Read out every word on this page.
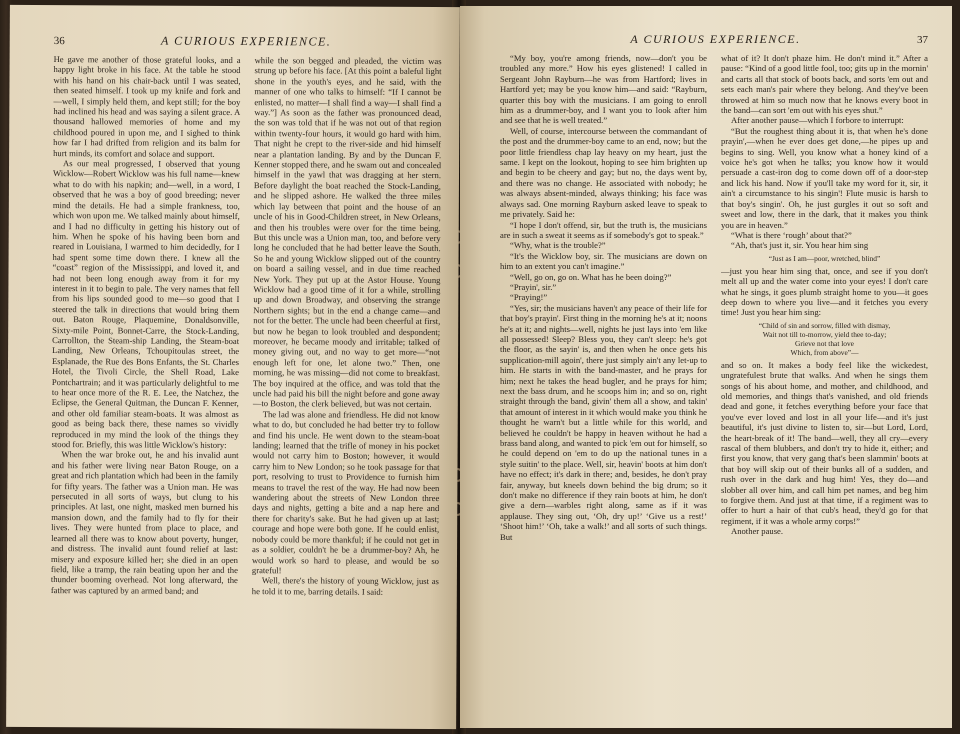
36	A CURIOUS EXPERIENCE.

He gave me another of those grateful looks, and a happy light broke in his face. At the table he stood with his hand on his chair-back until I was seated, then seated himself. I took up my knife and fork and—well, I simply held them, and kept still; for the boy had inclined his head and was saying a silent grace. A thousand hallowed memories of home and my childhood poured in upon me, and I sighed to think how far I had drifted from religion and its balm for hurt minds, its comfort and solace and support.

As our meal progressed, I observed that young Wicklow—Robert Wicklow was his full name—knew what to do with his napkin; and—well, in a word, I observed that he was a boy of good breeding; never mind the details. He had a simple frankness, too, which won upon me. We talked mainly about himself, and I had no difficulty in getting his history out of him. When he spoke of his having been born and reared in Louisiana, I warmed to him decidedly, for I had spent some time down there. I knew all the “coast” region of the Mississippi, and loved it, and had not been long enough away from it for my interest in it to begin to pale. The very names that fell from his lips sounded good to me—so good that I steered the talk in directions that would bring them out. Baton Rouge, Plaquemine, Donaldsonville, Sixty-mile Point, Bonnet-Carre, the Stock-Landing, Carrollton, the Steam-ship Landing, the Steam-boat Landing, New Orleans, Tchoupitoulas street, the Esplanade, the Rue des Bons Enfants, the St. Charles Hotel, the Tivoli Circle, the Shell Road, Lake Pontchartrain; and it was particularly delightful to me to hear once more of the R. E. Lee, the Natchez, the Eclipse, the General Quitman, the Duncan F. Kenner, and other old familiar steam-boats. It was almost as good as being back there, these names so vividly reproduced in my mind the look of the things they stood for. Briefly, this was little Wicklow's history:

When the war broke out, he and his invalid aunt and his father were living near Baton Rouge, on a great and rich plantation which had been in the family for fifty years. The father was a Union man. He was persecuted in all sorts of ways, but clung to his principles. At last, one night, masked men burned his mansion down, and the family had to fly for their lives. They were hunted from place to place, and learned all there was to know about poverty, hunger, and distress. The invalid aunt found relief at last: misery and exposure killed her; she died in an open field, like a tramp, the rain beating upon her and the thunder booming overhead. Not long afterward, the father was captured by an armed band; and

while the son begged and pleaded, the victim was strung up before his face. [At this point a baleful light shone in the youth's eyes, and he said, with the manner of one who talks to himself: “If I cannot be enlisted, no matter—I shall find a way—I shall find a way.”] As soon as the father was pronounced dead, the son was told that if he was not out of that region within twenty-four hours, it would go hard with him. That night he crept to the river-side and hid himself near a plantation landing. By and by the Duncan F. Kenner stopped there, and he swam out and concealed himself in the yawl that was dragging at her stern. Before daylight the boat reached the Stock-Landing, and he slipped ashore. He walked the three miles which lay between that point and the house of an uncle of his in Good-Children street, in New Orleans, and then his troubles were over for the time being. But this uncle was a Union man, too, and before very long he concluded that he had better leave the South. So he and young Wicklow slipped out of the country on board a sailing vessel, and in due time reached New York. They put up at the Astor House. Young Wicklow had a good time of it for a while, strolling up and down Broadway, and observing the strange Northern sights; but in the end a change came—and not for the better. The uncle had been cheerful at first, but now he began to look troubled and despondent; moreover, he became moody and irritable; talked of money giving out, and no way to get more—“not enough left for one, let alone two.” Then, one morning, he was missing—did not come to breakfast. The boy inquired at the office, and was told that the uncle had paid his bill the night before and gone away—to Boston, the clerk believed, but was not certain.

The lad was alone and friendless. He did not know what to do, but concluded he had better try to follow and find his uncle. He went down to the steam-boat landing; learned that the trifle of money in his pocket would not carry him to Boston; however, it would carry him to New London; so he took passage for that port, resolving to trust to Providence to furnish him means to travel the rest of the way. He had now been wandering about the streets of New London three days and nights, getting a bite and a nap here and there for charity's sake. But he had given up at last; courage and hope were both gone. If he could enlist, nobody could be more thankful; if he could not get in as a soldier, couldn't he be a drummer-boy? Ah, he would work so hard to please, and would be so grateful!

Well, there's the history of young Wicklow, just as he told it to me, barring details. I said:

A CURIOUS EXPERIENCE.	37

“My boy, you're among friends, now—don't you be troubled any more.” How his eyes glistened! I called in Sergeant John Rayburn—he was from Hartford; lives in Hartford yet; may be you know him—and said: “Rayburn, quarter this boy with the musicians. I am going to enroll him as a drummer-boy, and I want you to look after him and see that he is well treated.”

Well, of course, intercourse between the commandant of the post and the drummer-boy came to an end, now; but the poor little friendless chap lay heavy on my heart, just the same. I kept on the lookout, hoping to see him brighten up and begin to be cheery and gay; but no, the days went by, and there was no change. He associated with nobody; he was always absent-minded, always thinking; his face was always sad. One morning Rayburn asked leave to speak to me privately. Said he:

“I hope I don't offend, sir, but the truth is, the musicians are in such a sweat it seems as if somebody's got to speak.”

“Why, what is the trouble?”

“It's the Wicklow boy, sir. The musicians are down on him to an extent you can't imagine.”

“Well, go on, go on. What has he been doing?”

“Prayin', sir.”

“Praying!”

“Yes, sir; the musicians haven't any peace of their life for that boy's prayin'. First thing in the morning he's at it; noons he's at it; and nights—well, nights he just lays into 'em like all possessed! Sleep? Bless you, they can't sleep: he's got the floor, as the sayin' is, and then when he once gets his supplication-mill agoin', there just simply ain't any let-up to him. He starts in with the band-master, and he prays for him; next he takes the head bugler, and he prays for him; next the bass drum, and he scoops him in; and so on, right straight through the band, givin' them all a show, and takin' that amount of interest in it which would make you think he thought he warn't but a little while for this world, and believed he couldn't be happy in heaven without he had a brass band along, and wanted to pick 'em out for himself, so he could depend on 'em to do up the national tunes in a style suitin' to the place. Well, sir, heavin' boots at him don't have no effect; it's dark in there; and, besides, he don't pray fair, anyway, but kneels down behind the big drum; so it don't make no difference if they rain boots at him, he don't give a dern—warbles right along, same as if it was applause. They sing out, ‘Oh, dry up!’ ‘Give us a rest!’ ‘Shoot him!’ ‘Oh, take a walk!’ and all sorts of such things. But

what of it? It don't phaze him. He don't mind it.” After a pause: “Kind of a good little fool, too; gits up in the mornin' and carts all that stock of boots back, and sorts 'em out and sets each man's pair where they belong. And they've been throwed at him so much now that he knows every boot in the band—can sort 'em out with his eyes shut.”

After another pause—which I forbore to interrupt:

“But the roughest thing about it is, that when he's done prayin',—when he ever does get done,—he pipes up and begins to sing. Well, you know what a honey kind of a voice he's got when he talks; you know how it would persuade a cast-iron dog to come down off of a door-step and lick his hand. Now if you'll take my word for it, sir, it ain't a circumstance to his singin'! Flute music is harsh to that boy's singin'. Oh, he just gurgles it out so soft and sweet and low, there in the dark, that it makes you think you are in heaven.”

“What is there ‘rough’ about that?”

“Ah, that's just it, sir. You hear him sing

“Just as I am—poor, wretched, blind”

—just you hear him sing that, once, and see if you don't melt all up and the water come into your eyes! I don't care what he sings, it goes plumb straight home to you—it goes deep down to where you live—and it fetches you every time! Just you hear him sing:

“Child of sin and sorrow, filled with dismay,
Wait not till to-morrow, yield thee to-day;
Grieve not that love
Which, from above”—

and so on. It makes a body feel like the wickedest, ungratefulest brute that walks. And when he sings them songs of his about home, and mother, and childhood, and old memories, and things that's vanished, and old friends dead and gone, it fetches everything before your face that you've ever loved and lost in all your life—and it's just beautiful, it's just divine to listen to, sir—but Lord, Lord, the heart-break of it! The band—well, they all cry—every rascal of them blubbers, and don't try to hide it, either; and first you know, that very gang that's been slammin' boots at that boy will skip out of their bunks all of a sudden, and rush over in the dark and hug him! Yes, they do—and slobber all over him, and call him pet names, and beg him to forgive them. And just at that time, if a regiment was to offer to hurt a hair of that cub's head, they'd go for that regiment, if it was a whole army corps!”

Another pause.
